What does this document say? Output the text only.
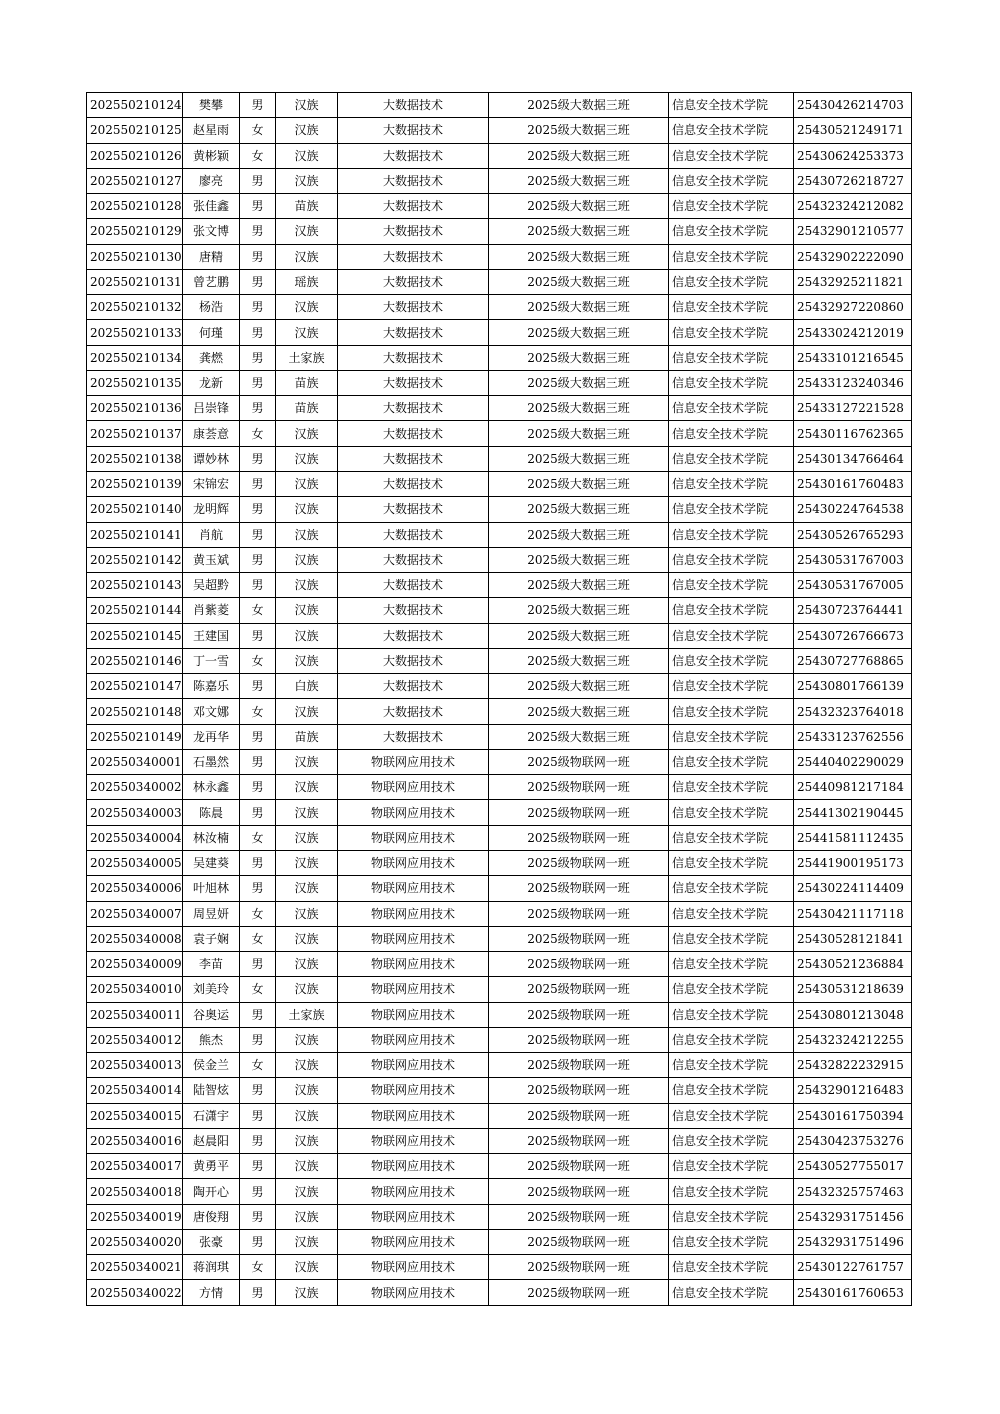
202550210124	樊攀	男	汉族	大数据技术	2025级大数据三班	信息安全技术学院	25430426214703
202550210125	赵星雨	女	汉族	大数据技术	2025级大数据三班	信息安全技术学院	25430521249171
202550210126	黄彬颖	女	汉族	大数据技术	2025级大数据三班	信息安全技术学院	25430624253373
202550210127	廖亮	男	汉族	大数据技术	2025级大数据三班	信息安全技术学院	25430726218727
202550210128	张佳鑫	男	苗族	大数据技术	2025级大数据三班	信息安全技术学院	25432324212082
202550210129	张文博	男	汉族	大数据技术	2025级大数据三班	信息安全技术学院	25432901210577
202550210130	唐精	男	汉族	大数据技术	2025级大数据三班	信息安全技术学院	25432902222090
202550210131	曾艺鹏	男	瑶族	大数据技术	2025级大数据三班	信息安全技术学院	25432925211821
202550210132	杨浩	男	汉族	大数据技术	2025级大数据三班	信息安全技术学院	25432927220860
202550210133	何瑾	男	汉族	大数据技术	2025级大数据三班	信息安全技术学院	25433024212019
202550210134	龚燃	男	土家族	大数据技术	2025级大数据三班	信息安全技术学院	25433101216545
202550210135	龙新	男	苗族	大数据技术	2025级大数据三班	信息安全技术学院	25433123240346
202550210136	吕崇锋	男	苗族	大数据技术	2025级大数据三班	信息安全技术学院	25433127221528
202550210137	康荟意	女	汉族	大数据技术	2025级大数据三班	信息安全技术学院	25430116762365
202550210138	谭妙林	男	汉族	大数据技术	2025级大数据三班	信息安全技术学院	25430134766464
202550210139	宋锦宏	男	汉族	大数据技术	2025级大数据三班	信息安全技术学院	25430161760483
202550210140	龙明辉	男	汉族	大数据技术	2025级大数据三班	信息安全技术学院	25430224764538
202550210141	肖航	男	汉族	大数据技术	2025级大数据三班	信息安全技术学院	25430526765293
202550210142	黄玉斌	男	汉族	大数据技术	2025级大数据三班	信息安全技术学院	25430531767003
202550210143	吴超黔	男	汉族	大数据技术	2025级大数据三班	信息安全技术学院	25430531767005
202550210144	肖紫菱	女	汉族	大数据技术	2025级大数据三班	信息安全技术学院	25430723764441
202550210145	王建国	男	汉族	大数据技术	2025级大数据三班	信息安全技术学院	25430726766673
202550210146	丁一雪	女	汉族	大数据技术	2025级大数据三班	信息安全技术学院	25430727768865
202550210147	陈嘉乐	男	白族	大数据技术	2025级大数据三班	信息安全技术学院	25430801766139
202550210148	邓文娜	女	汉族	大数据技术	2025级大数据三班	信息安全技术学院	25432323764018
202550210149	龙再华	男	苗族	大数据技术	2025级大数据三班	信息安全技术学院	25433123762556
202550340001	石墨然	男	汉族	物联网应用技术	2025级物联网一班	信息安全技术学院	25440402290029
202550340002	林永鑫	男	汉族	物联网应用技术	2025级物联网一班	信息安全技术学院	25440981217184
202550340003	陈晨	男	汉族	物联网应用技术	2025级物联网一班	信息安全技术学院	25441302190445
202550340004	林汝楠	女	汉族	物联网应用技术	2025级物联网一班	信息安全技术学院	25441581112435
202550340005	吴建葵	男	汉族	物联网应用技术	2025级物联网一班	信息安全技术学院	25441900195173
202550340006	叶旭林	男	汉族	物联网应用技术	2025级物联网一班	信息安全技术学院	25430224114409
202550340007	周昱妍	女	汉族	物联网应用技术	2025级物联网一班	信息安全技术学院	25430421117118
202550340008	袁子娴	女	汉族	物联网应用技术	2025级物联网一班	信息安全技术学院	25430528121841
202550340009	李苗	男	汉族	物联网应用技术	2025级物联网一班	信息安全技术学院	25430521236884
202550340010	刘美玲	女	汉族	物联网应用技术	2025级物联网一班	信息安全技术学院	25430531218639
202550340011	谷奥运	男	土家族	物联网应用技术	2025级物联网一班	信息安全技术学院	25430801213048
202550340012	熊杰	男	汉族	物联网应用技术	2025级物联网一班	信息安全技术学院	25432324212255
202550340013	侯金兰	女	汉族	物联网应用技术	2025级物联网一班	信息安全技术学院	25432822232915
202550340014	陆智炫	男	汉族	物联网应用技术	2025级物联网一班	信息安全技术学院	25432901216483
202550340015	石潇宇	男	汉族	物联网应用技术	2025级物联网一班	信息安全技术学院	25430161750394
202550340016	赵晨阳	男	汉族	物联网应用技术	2025级物联网一班	信息安全技术学院	25430423753276
202550340017	黄勇平	男	汉族	物联网应用技术	2025级物联网一班	信息安全技术学院	25430527755017
202550340018	陶开心	男	汉族	物联网应用技术	2025级物联网一班	信息安全技术学院	25432325757463
202550340019	唐俊翔	男	汉族	物联网应用技术	2025级物联网一班	信息安全技术学院	25432931751456
202550340020	张豪	男	汉族	物联网应用技术	2025级物联网一班	信息安全技术学院	25432931751496
202550340021	蒋润琪	女	汉族	物联网应用技术	2025级物联网一班	信息安全技术学院	25430122761757
202550340022	方情	男	汉族	物联网应用技术	2025级物联网一班	信息安全技术学院	25430161760653
